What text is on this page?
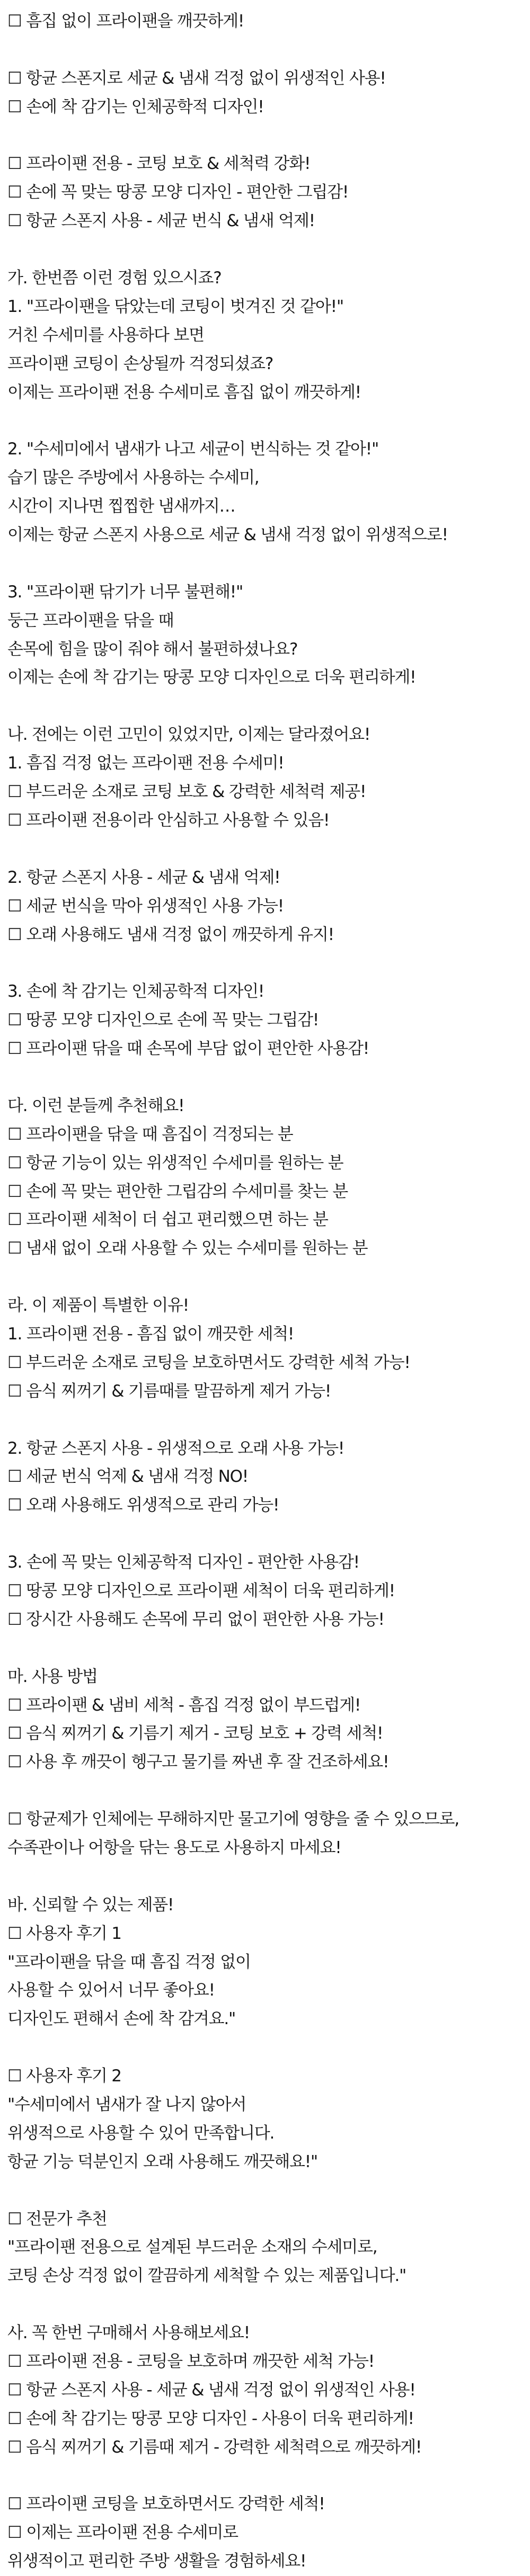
☐ 흠집 없이 프라이팬을 깨끗하게!
☐ 항균 스폰지로 세균 & 냄새 걱정 없이 위생적인 사용!
☐ 손에 착 감기는 인체공학적 디자인!
☐ 프라이팬 전용 - 코팅 보호 & 세척력 강화!
☐ 손에 꼭 맞는 땅콩 모양 디자인 - 편안한 그립감!
☐ 항균 스폰지 사용 - 세균 번식 & 냄새 억제!
가. 한번쯤 이런 경험 있으시죠?
1. "프라이팬을 닦았는데 코팅이 벗겨진 것 같아!"
거친 수세미를 사용하다 보면
프라이팬 코팅이 손상될까 걱정되셨죠?
이제는 프라이팬 전용 수세미로 흠집 없이 깨끗하게!
2. "수세미에서 냄새가 나고 세균이 번식하는 것 같아!"
습기 많은 주방에서 사용하는 수세미,
시간이 지나면 찝찝한 냄새까지…
이제는 항균 스폰지 사용으로 세균 & 냄새 걱정 없이 위생적으로!
3. "프라이팬 닦기가 너무 불편해!"
둥근 프라이팬을 닦을 때
손목에 힘을 많이 줘야 해서 불편하셨나요?
이제는 손에 착 감기는 땅콩 모양 디자인으로 더욱 편리하게!
나. 전에는 이런 고민이 있었지만, 이제는 달라졌어요!
1. 흠집 걱정 없는 프라이팬 전용 수세미!
☐ 부드러운 소재로 코팅 보호 & 강력한 세척력 제공!
☐ 프라이팬 전용이라 안심하고 사용할 수 있음!
2. 항균 스폰지 사용 - 세균 & 냄새 억제!
☐ 세균 번식을 막아 위생적인 사용 가능!
☐ 오래 사용해도 냄새 걱정 없이 깨끗하게 유지!
3. 손에 착 감기는 인체공학적 디자인!
☐ 땅콩 모양 디자인으로 손에 꼭 맞는 그립감!
☐ 프라이팬 닦을 때 손목에 부담 없이 편안한 사용감!
다. 이런 분들께 추천해요!
☐ 프라이팬을 닦을 때 흠집이 걱정되는 분
☐ 항균 기능이 있는 위생적인 수세미를 원하는 분
☐ 손에 꼭 맞는 편안한 그립감의 수세미를 찾는 분
☐ 프라이팬 세척이 더 쉽고 편리했으면 하는 분
☐ 냄새 없이 오래 사용할 수 있는 수세미를 원하는 분
라. 이 제품이 특별한 이유!
1. 프라이팬 전용 - 흠집 없이 깨끗한 세척!
☐ 부드러운 소재로 코팅을 보호하면서도 강력한 세척 가능!
☐ 음식 찌꺼기 & 기름때를 말끔하게 제거 가능!
2. 항균 스폰지 사용 - 위생적으로 오래 사용 가능!
☐ 세균 번식 억제 & 냄새 걱정 NO!
☐ 오래 사용해도 위생적으로 관리 가능!
3. 손에 꼭 맞는 인체공학적 디자인 - 편안한 사용감!
☐ 땅콩 모양 디자인으로 프라이팬 세척이 더욱 편리하게!
☐ 장시간 사용해도 손목에 무리 없이 편안한 사용 가능!
마. 사용 방법
☐ 프라이팬 & 냄비 세척 - 흠집 걱정 없이 부드럽게!
☐ 음식 찌꺼기 & 기름기 제거 - 코팅 보호 + 강력 세척!
☐ 사용 후 깨끗이 헹구고 물기를 짜낸 후 잘 건조하세요!
☐ 항균제가 인체에는 무해하지만 물고기에 영향을 줄 수 있으므로,
수족관이나 어항을 닦는 용도로 사용하지 마세요!
바. 신뢰할 수 있는 제품!
☐ 사용자 후기 1
"프라이팬을 닦을 때 흠집 걱정 없이
사용할 수 있어서 너무 좋아요!
디자인도 편해서 손에 착 감겨요."
☐ 사용자 후기 2
"수세미에서 냄새가 잘 나지 않아서
위생적으로 사용할 수 있어 만족합니다.
항균 기능 덕분인지 오래 사용해도 깨끗해요!"
☐ 전문가 추천
"프라이팬 전용으로 설계된 부드러운 소재의 수세미로,
코팅 손상 걱정 없이 깔끔하게 세척할 수 있는 제품입니다."
사. 꼭 한번 구매해서 사용해보세요!
☐ 프라이팬 전용 - 코팅을 보호하며 깨끗한 세척 가능!
☐ 항균 스폰지 사용 - 세균 & 냄새 걱정 없이 위생적인 사용!
☐ 손에 착 감기는 땅콩 모양 디자인 - 사용이 더욱 편리하게!
☐ 음식 찌꺼기 & 기름때 제거 - 강력한 세척력으로 깨끗하게!
☐ 프라이팬 코팅을 보호하면서도 강력한 세척!
☐ 이제는 프라이팬 전용 수세미로
위생적이고 편리한 주방 생활을 경험하세요!
